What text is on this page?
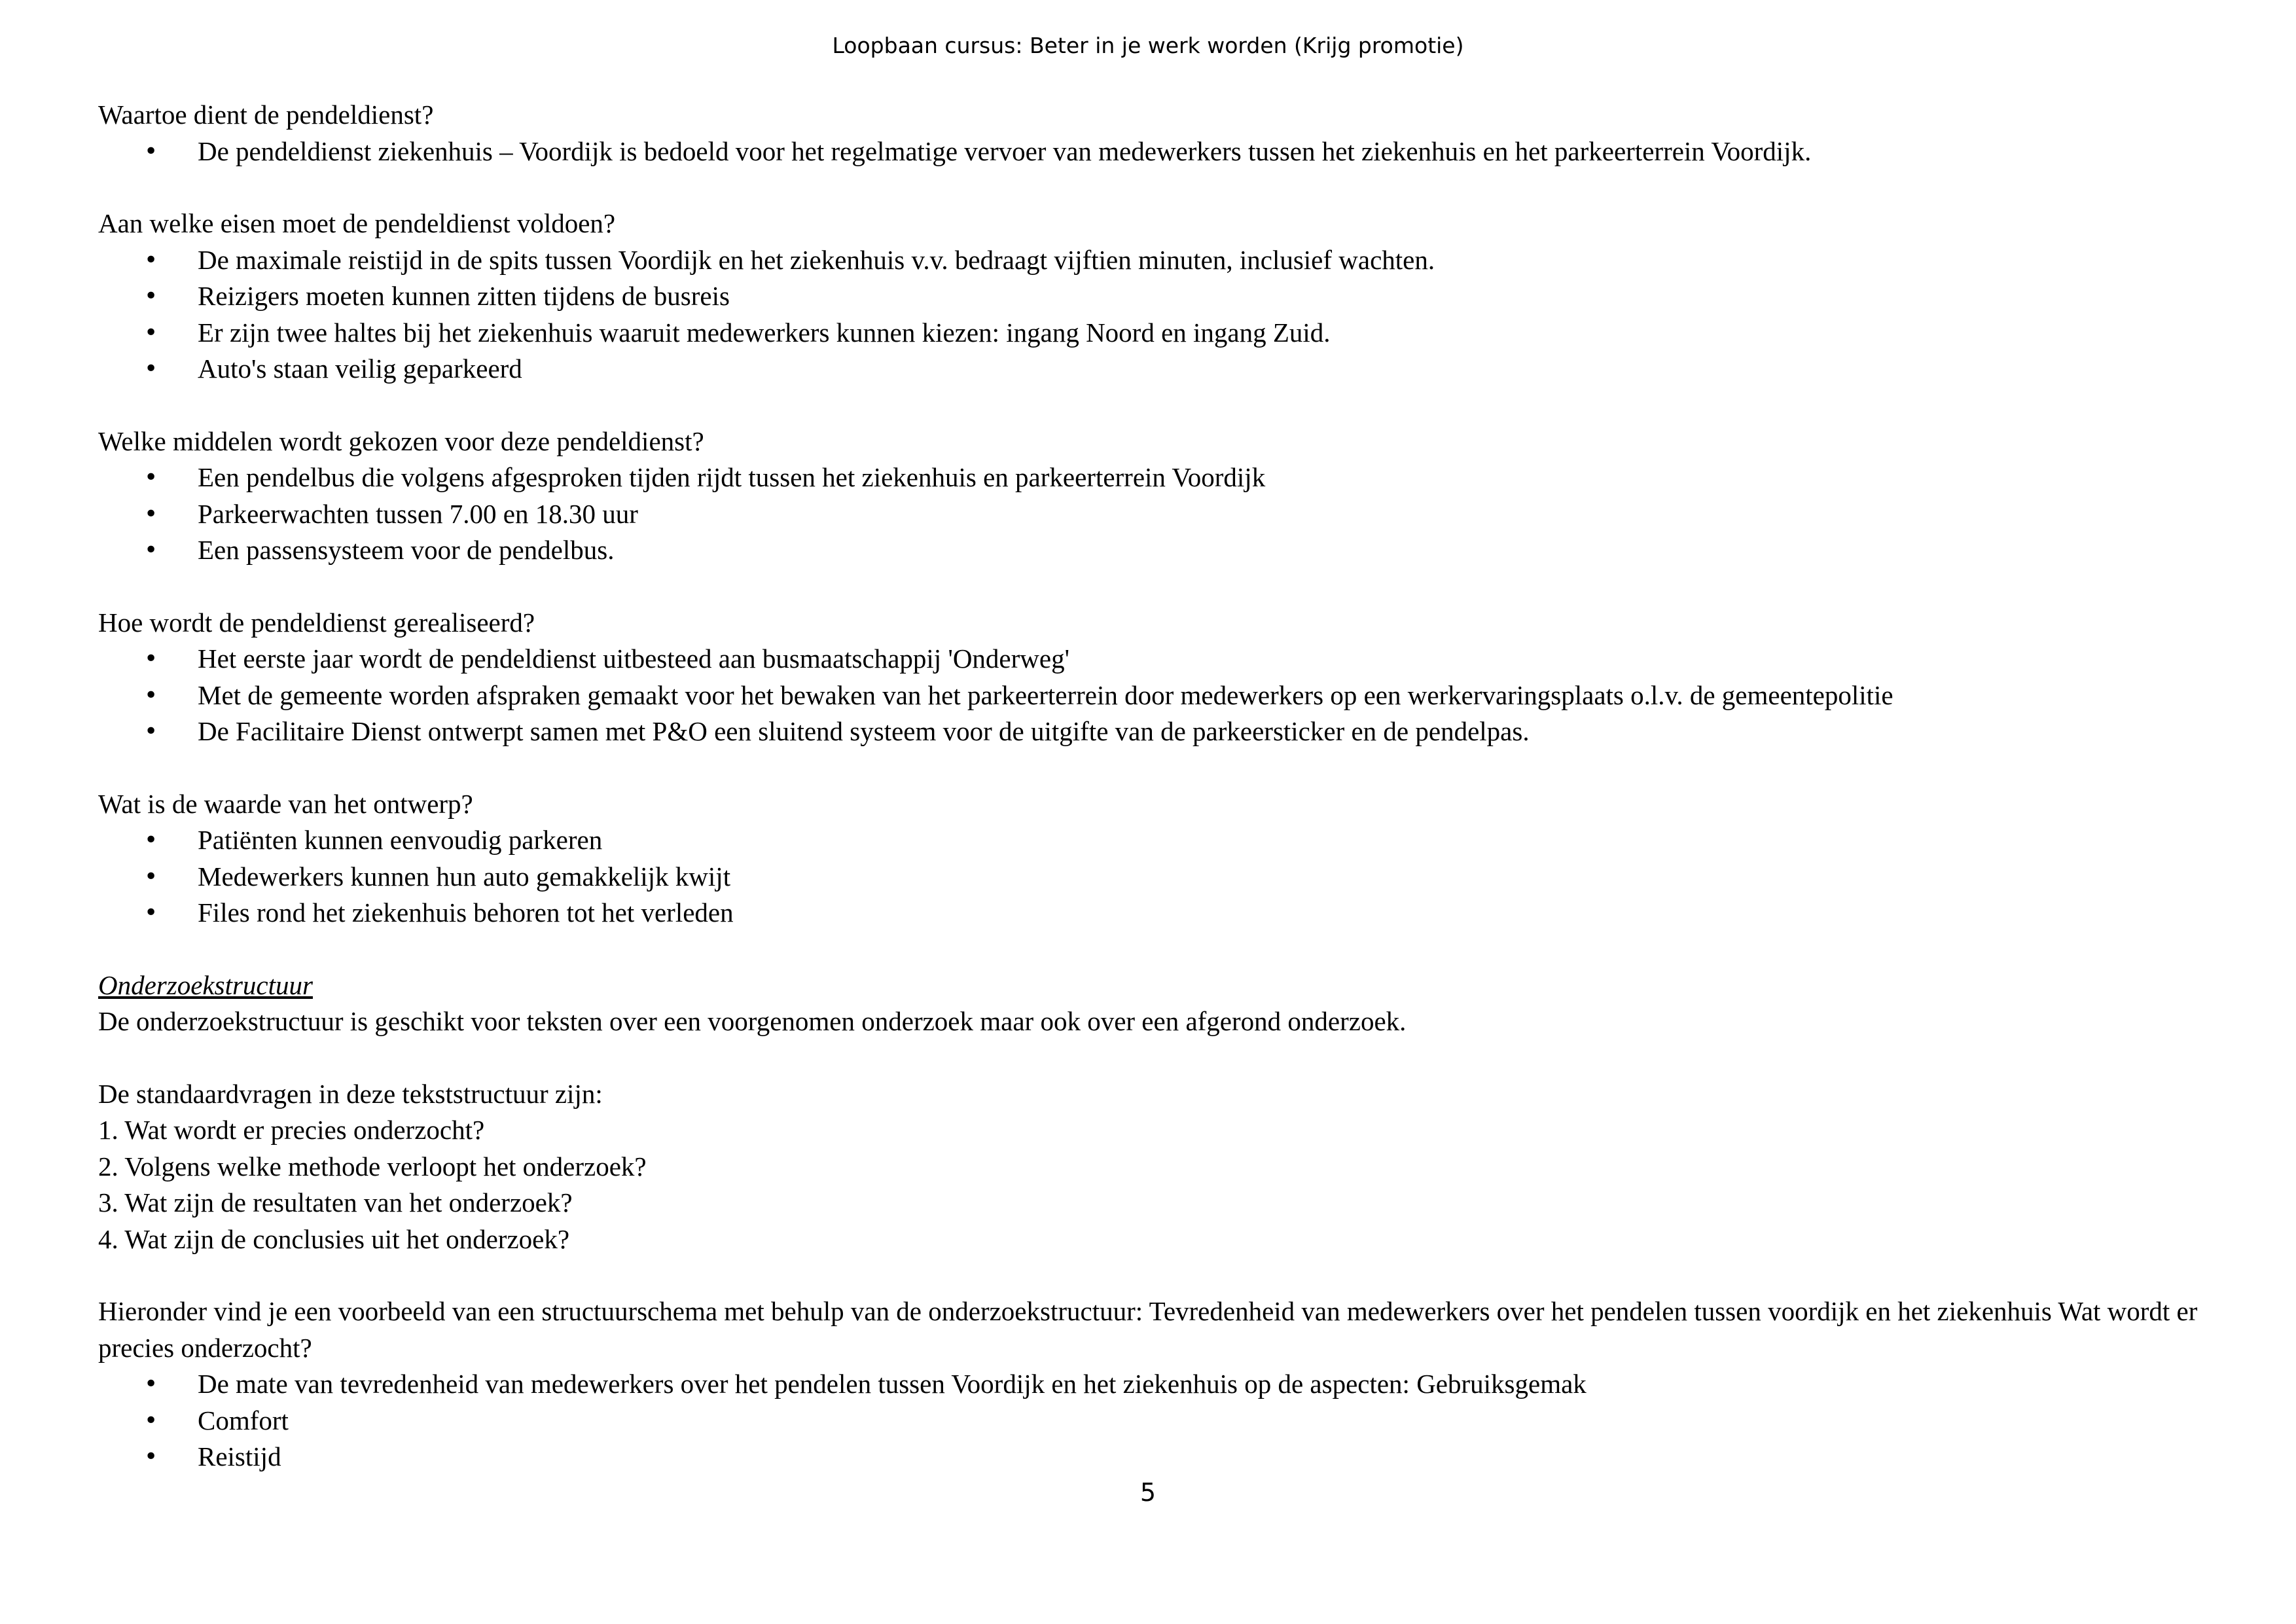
Loopbaan cursus: Beter in je werk worden (Krijg promotie)

Waartoe dient de pendeldienst?

• De pendeldienst ziekenhuis – Voordijk is bedoeld voor het regelmatige vervoer van medewerkers tussen het ziekenhuis en het parkeerterrein Voordijk.

Aan welke eisen moet de pendeldienst voldoen?

• De maximale reistijd in de spits tussen Voordijk en het ziekenhuis v.v. bedraagt vijftien minuten, inclusief wachten.
• Reizigers moeten kunnen zitten tijdens de busreis
• Er zijn twee haltes bij het ziekenhuis waaruit medewerkers kunnen kiezen: ingang Noord en ingang Zuid.
• Auto's staan veilig geparkeerd

Welke middelen wordt gekozen voor deze pendeldienst?

• Een pendelbus die volgens afgesproken tijden rijdt tussen het ziekenhuis en parkeerterrein Voordijk
• Parkeerwachten tussen 7.00 en 18.30 uur
• Een passensysteem voor de pendelbus.

Hoe wordt de pendeldienst gerealiseerd?

• Het eerste jaar wordt de pendeldienst uitbesteed aan busmaatschappij 'Onderweg'
• Met de gemeente worden afspraken gemaakt voor het bewaken van het parkeerterrein door medewerkers op een werkervaringsplaats o.l.v. de gemeentepolitie
• De Facilitaire Dienst ontwerpt samen met P&O een sluitend systeem voor de uitgifte van de parkeersticker en de pendelpas.

Wat is de waarde van het ontwerp?

• Patiënten kunnen eenvoudig parkeren
• Medewerkers kunnen hun auto gemakkelijk kwijt
• Files rond het ziekenhuis behoren tot het verleden

Onderzoekstructuur

De onderzoekstructuur is geschikt voor teksten over een voorgenomen onderzoek maar ook over een afgerond onderzoek.

De standaardvragen in deze tekststructuur zijn:

1. Wat wordt er precies onderzocht?

2. Volgens welke methode verloopt het onderzoek?

3. Wat zijn de resultaten van het onderzoek?

4. Wat zijn de conclusies uit het onderzoek?

Hieronder vind je een voorbeeld van een structuurschema met behulp van de onderzoekstructuur: Tevredenheid van medewerkers over het pendelen tussen voordijk en het ziekenhuis Wat wordt er precies onderzocht?

• De mate van tevredenheid van medewerkers over het pendelen tussen Voordijk en het ziekenhuis op de aspecten: Gebruiksgemak
• Comfort
• Reistijd
5
